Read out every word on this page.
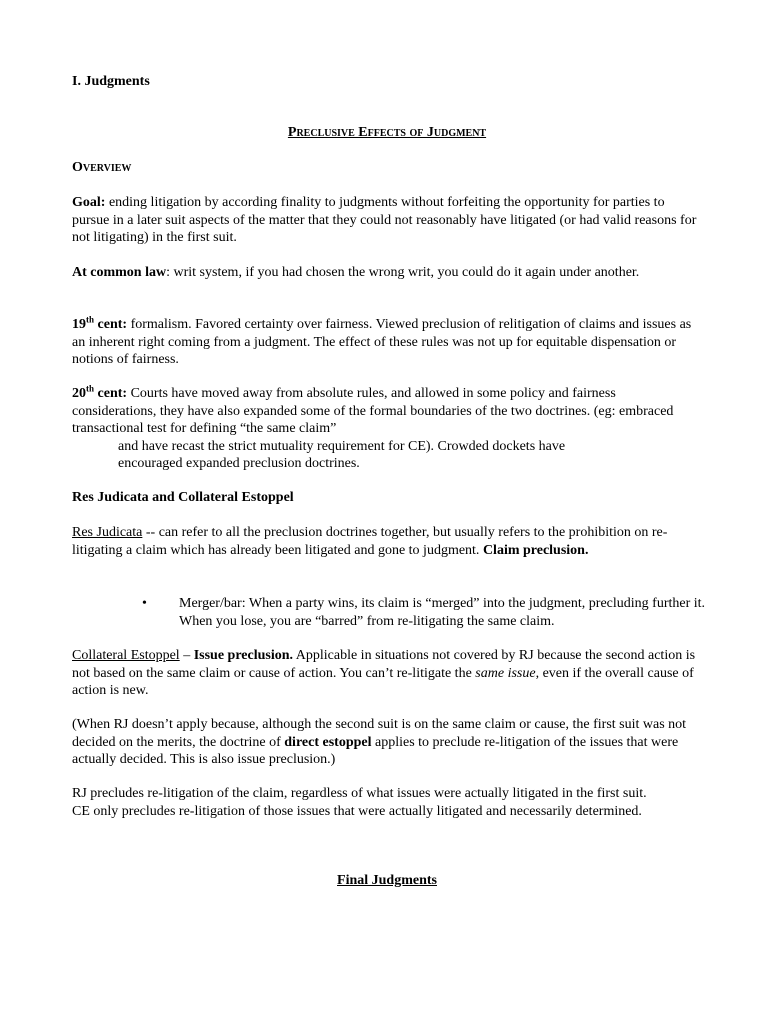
I. Judgments
Preclusive Effects of Judgment
Overview
Goal: ending litigation by according finality to judgments without forfeiting the opportunity for parties to pursue in a later suit aspects of the matter that they could not reasonably have litigated (or had valid reasons for not litigating) in the first suit.
At common law: writ system, if you had chosen the wrong writ, you could do it again under another.
19th cent: formalism. Favored certainty over fairness. Viewed preclusion of relitigation of claims and issues as an inherent right coming from a judgment. The effect of these rules was not up for equitable dispensation or notions of fairness.
20th cent: Courts have moved away from absolute rules, and allowed in some policy and fairness considerations, they have also expanded some of the formal boundaries of the two doctrines. (eg: embraced transactional test for defining “the same claim”
and have recast the strict mutuality requirement for CE). Crowded dockets have
encouraged expanded preclusion doctrines.
Res Judicata and Collateral Estoppel
Res Judicata -- can refer to all the preclusion doctrines together, but usually refers to the prohibition on re-litigating a claim which has already been litigated and gone to judgment. Claim preclusion.
• Merger/bar: When a party wins, its claim is “merged” into the judgment, precluding further it. When you lose, you are “barred” from re-litigating the same claim.
Collateral Estoppel – Issue preclusion. Applicable in situations not covered by RJ because the second action is not based on the same claim or cause of action. You can’t re-litigate the same issue, even if the overall cause of action is new.
(When RJ doesn’t apply because, although the second suit is on the same claim or cause, the first suit was not decided on the merits, the doctrine of direct estoppel applies to preclude re-litigation of the issues that were actually decided. This is also issue preclusion.)
RJ precludes re-litigation of the claim, regardless of what issues were actually litigated in the first suit.
CE only precludes re-litigation of those issues that were actually litigated and necessarily determined.
Final Judgments
